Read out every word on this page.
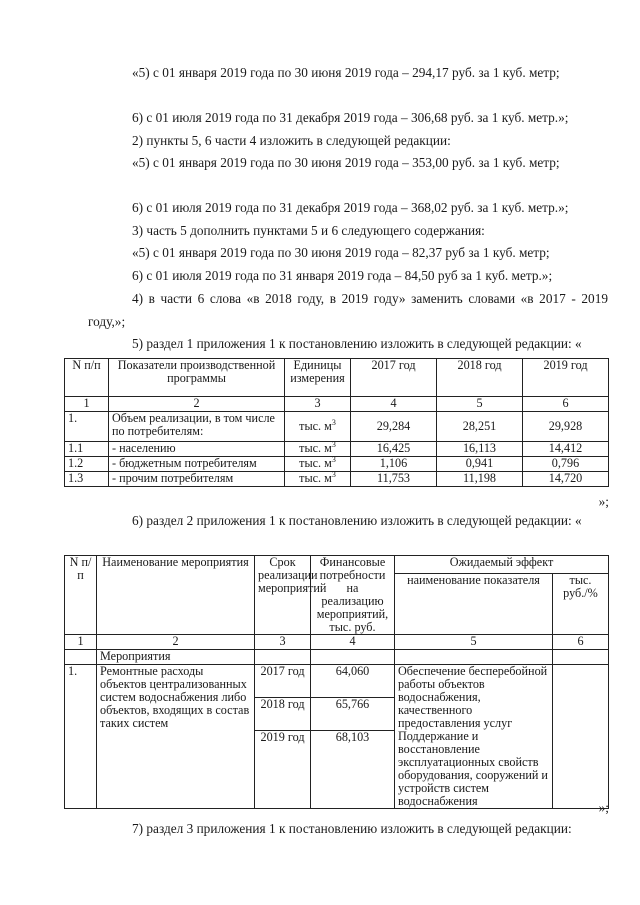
«5) с 01 января 2019 года по 30 июня 2019 года – 294,17 руб. за 1 куб. метр;

6) с 01 июля 2019 года по 31 декабря 2019 года – 306,68 руб. за 1 куб. метр.»;

2) пункты 5, 6 части 4 изложить в следующей редакции:

«5) с 01 января 2019 года по 30 июня 2019 года – 353,00 руб. за 1 куб. метр;

6) с 01 июля 2019 года по 31 декабря 2019 года – 368,02 руб. за 1 куб. метр.»;

3) часть 5 дополнить пунктами 5 и 6 следующего содержания:

«5) с 01 января 2019 года по 30 июня 2019 года – 82,37 руб за 1 куб. метр;

6) с 01 июля 2019 года по 31 января 2019 года – 84,50 руб за 1 куб. метр.»;

4) в части 6 слова «в 2018 году, в 2019 году» заменить словами «в 2017 - 2019 году,»;

5) раздел 1 приложения 1 к постановлению изложить в следующей редакции: «

N п/п	Показатели производственной программы	Единицы измерения	2017 год	2018 год	2019 год
1	2	3	4	5	6
1.	Объем реализации, в том числе по потребителям:	тыс. $м^3$	29,284	28,251	29,928
1.1	- населению	тыс. $м^3$	16,425	16,113	14,412
1.2	- бюджетным потребителям	тыс. $м^3$	1,106	0,941	0,796
1.3	- прочим потребителям	тыс. $м^3$	11,753	11,198	14,720
»;

6) раздел 2 приложения 1 к постановлению изложить в следующей редакции: «

N п/п	Наименование мероприятия	Срок реализации мероприятий	Финансовые потребности на реализацию мероприятий, тыс. руб.	Ожидаемый эффект	
				наименование показателя	тыс. руб./%
1	2	3	4	5	6
	Мероприятия				
1.	Ремонтные расходы объектов централизованных систем водоснабжения либо объектов, входящих в состав таких систем	2017 год	64,060	Обеспечение бесперебойной работы объектов водоснабжения, качественного предоставления услуг Поддержание и восстановление эксплуатационных свойств оборудования, сооружений и устройств систем водоснабжения	
		2018 год	65,766		
		2019 год	68,103		
»;

7) раздел 3 приложения 1 к постановлению изложить в следующей редакции:
